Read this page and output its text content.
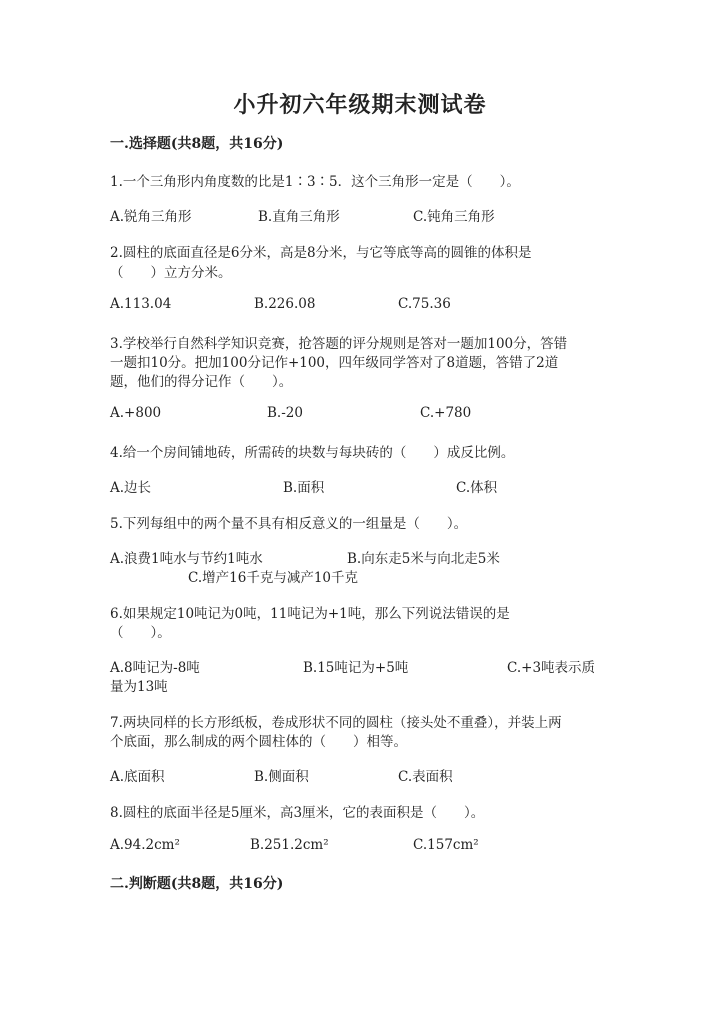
小升初六年级期末测试卷
一.选择题(共8题，共16分)
1.一个三角形内角度数的比是1∶3∶5．这个三角形一定是（　　）。
A.锐角三角形	B.直角三角形	C.钝角三角形
2.圆柱的底面直径是6分米，高是8分米，与它等底等高的圆锥的体积是
（　　）立方分米。
A.113.04	B.226.08	C.75.36
3.学校举行自然科学知识竞赛，抢答题的评分规则是答对一题加100分，答错
一题扣10分。把加100分记作+100，四年级同学答对了8道题，答错了2道
题，他们的得分记作（　　）。
A.+800	B.-20	C.+780
4.给一个房间铺地砖，所需砖的块数与每块砖的（　　）成反比例。
A.边长	B.面积	C.体积
5.下列每组中的两个量不具有相反意义的一组量是（　　）。
A.浪费1吨水与节约1吨水	B.向东走5米与向北走5米
C.增产16千克与减产10千克
6.如果规定10吨记为0吨，11吨记为+1吨，那么下列说法错误的是
（　　）。
A.8吨记为-8吨	B.15吨记为+5吨	C.+3吨表示质
量为13吨
7.两块同样的长方形纸板，卷成形状不同的圆柱（接头处不重叠），并装上两
个底面，那么制成的两个圆柱体的（　　）相等。
A.底面积	B.侧面积	C.表面积
8.圆柱的底面半径是5厘米，高3厘米，它的表面积是（　　）。
A.94.2cm²	B.251.2cm²	C.157cm²
二.判断题(共8题，共16分)
